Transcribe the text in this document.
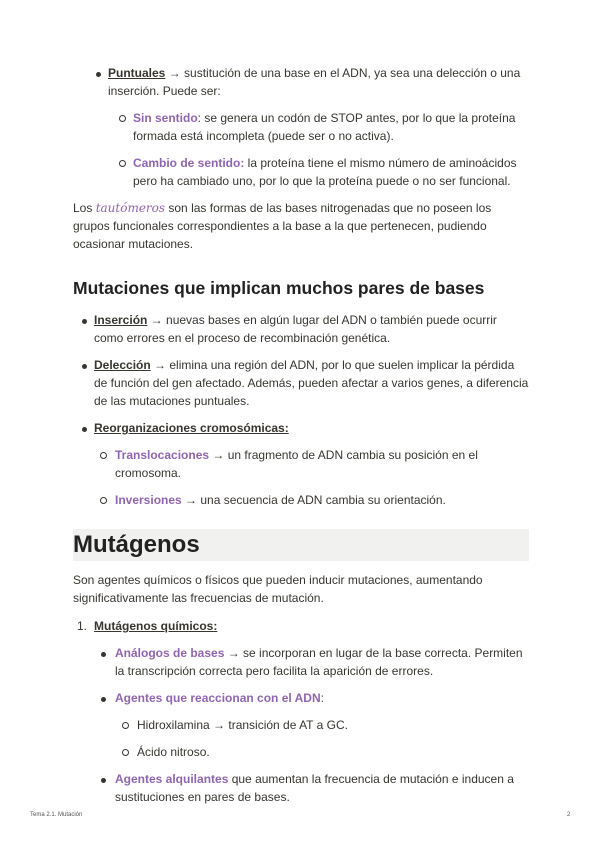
Puntuales → sustitución de una base en el ADN, ya sea una delección o una inserción. Puede ser:
Sin sentido: se genera un codón de STOP antes, por lo que la proteína formada está incompleta (puede ser o no activa).
Cambio de sentido: la proteína tiene el mismo número de aminoácidos pero ha cambiado uno, por lo que la proteína puede o no ser funcional.

Los tautómeros son las formas de las bases nitrogenadas que no poseen los grupos funcionales correspondientes a la base a la que pertenecen, pudiendo ocasionar mutaciones.

Mutaciones que implican muchos pares de bases
Inserción → nuevas bases en algún lugar del ADN o también puede ocurrir como errores en el proceso de recombinación genética.
Delección → elimina una región del ADN, por lo que suelen implicar la pérdida de función del gen afectado. Además, pueden afectar a varios genes, a diferencia de las mutaciones puntuales.
Reorganizaciones cromosómicas:
Translocaciones → un fragmento de ADN cambia su posición en el cromosoma.
Inversiones → una secuencia de ADN cambia su orientación.
Mutágenos

Son agentes químicos o físicos que pueden inducir mutaciones, aumentando significativamente las frecuencias de mutación.

1. Mutágenos químicos:
Análogos de bases → se incorporan en lugar de la base correcta. Permiten la transcripción correcta pero facilita la aparición de errores.
Agentes que reaccionan con el ADN:
Hidroxilamina → transición de AT a GC.
Ácido nitroso.
Agentes alquilantes que aumentan la frecuencia de mutación e inducen a sustituciones en pares de bases.
Tema 2.1. Mutación	2
